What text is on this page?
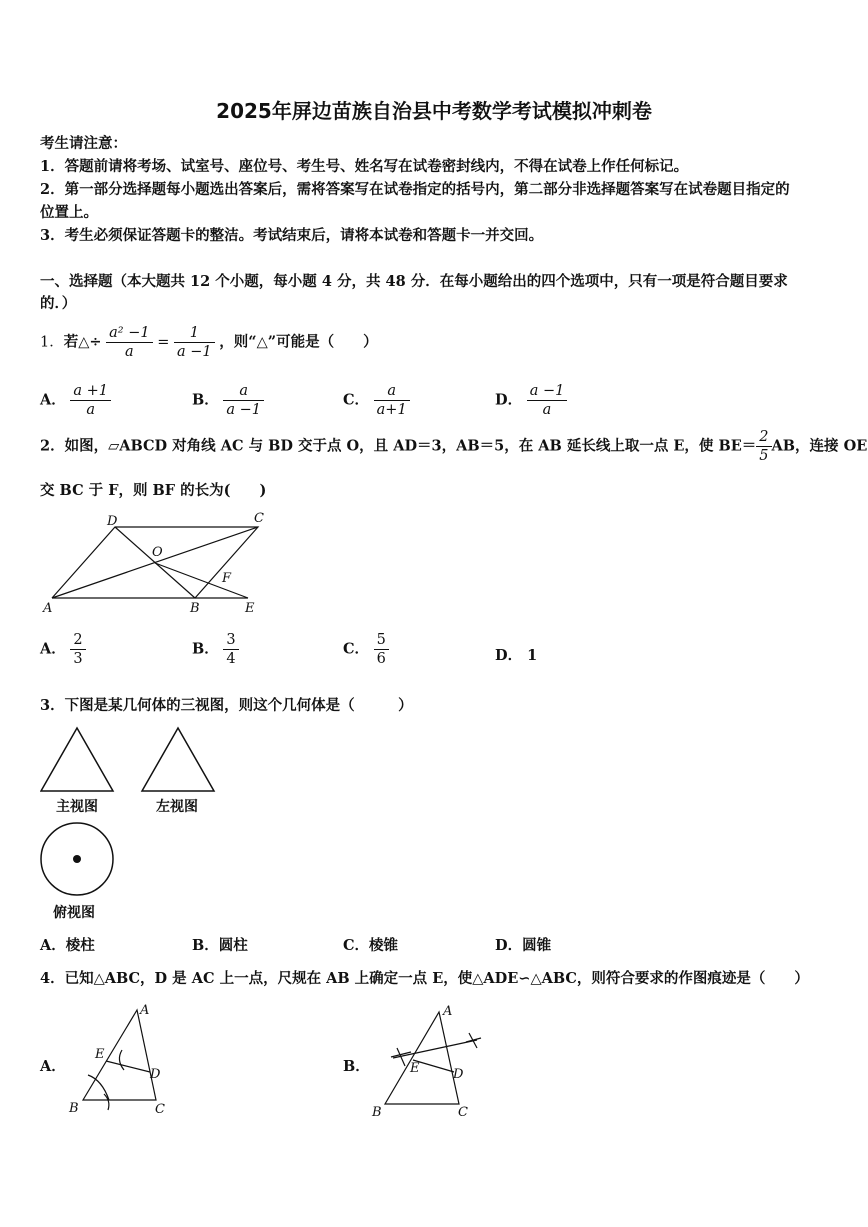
2025年屏边苗族自治县中考数学考试模拟冲刺卷
考生请注意：
1．答题前请将考场、试室号、座位号、考生号、姓名写在试卷密封线内，不得在试卷上作任何标记。
2．第一部分选择题每小题选出答案后，需将答案写在试卷指定的括号内，第二部分非选择题答案写在试卷题目指定的
位置上。
3．考生必须保证答题卡的整洁。考试结束后，请将本试卷和答题卡一并交回。
一、选择题（本大题共 12 个小题，每小题 4 分，共 48 分．在每小题给出的四个选项中，只有一项是符合题目要求
的．）
1．若△÷ $\frac{\text{a² −1}}{a} = \frac{1}{a -1}$ ，则“△”可能是（　　）
A． $\frac{a +1}{a}$	B． $\frac{a}{a -1}$	C． $\frac{a}{a+1}$	D． $\frac{a -1}{a}$
2．如图，▱ABCD 对角线 AC 与 BD 交于点 O，且 AD＝3，AB＝5，在 AB 延长线上取一点 E，使 $BE= \frac{2}{5}$ AB，连接 OE
交 BC 于 F，则 BF 的长为(　　)
D	C
O
F
A	B	E
A． $\frac{2}{3}$	B． $\frac{3}{4}$	C． $\frac{5}{6}$	D． 1
3．下图是某几何体的三视图，则这个几何体是（　　　）
主视图	左视图
俯视图
A．棱柱	B．圆柱	C．棱锥	D．圆锥
4．已知△ABC，D 是 AC 上一点，尺规在 AB 上确定一点 E，使△ADE∽△ABC，则符合要求的作图痕迹是（　　）
A．
A
E
D
B	C
B．
A
E	D
B	C
